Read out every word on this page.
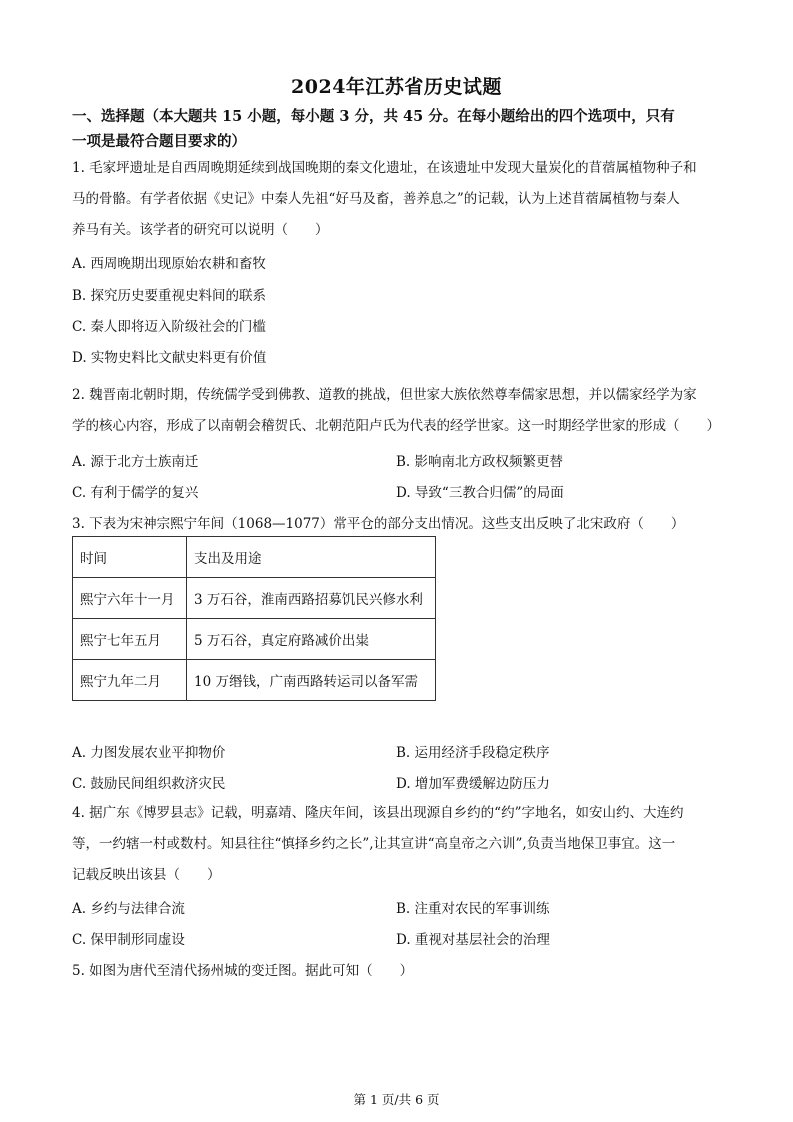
2024年江苏省历史试题
一、选择题（本大题共 15 小题，每小题 3 分，共 45 分。在每小题给出的四个选项中，只有
一项是最符合题目要求的）
1. 毛家坪遗址是自西周晚期延续到战国晚期的秦文化遗址，在该遗址中发现大量炭化的苜蓿属植物种子和
马的骨骼。有学者依据《史记》中秦人先祖“好马及畜，善养息之”的记载，认为上述苜蓿属植物与秦人
养马有关。该学者的研究可以说明（　　）
A. 西周晚期出现原始农耕和畜牧
B. 探究历史要重视史料间的联系
C. 秦人即将迈入阶级社会的门槛
D. 实物史料比文献史料更有价值
2. 魏晋南北朝时期，传统儒学受到佛教、道教的挑战，但世家大族依然尊奉儒家思想，并以儒家经学为家
学的核心内容，形成了以南朝会稽贺氏、北朝范阳卢氏为代表的经学世家。这一时期经学世家的形成（　　）
A. 源于北方士族南迁	B. 影响南北方政权频繁更替
C. 有利于儒学的复兴	D. 导致“三教合归儒”的局面
3. 下表为宋神宗熙宁年间（1068—1077）常平仓的部分支出情况。这些支出反映了北宋政府（　　）
时间	支出及用途
熙宁六年十一月	3 万石谷，淮南西路招募饥民兴修水利
熙宁七年五月	5 万石谷，真定府路减价出粜
熙宁九年二月	10 万缗钱，广南西路转运司以备军需
A. 力图发展农业平抑物价	B. 运用经济手段稳定秩序
C. 鼓励民间组织救济灾民	D. 增加军费缓解边防压力
4. 据广东《博罗县志》记载，明嘉靖、隆庆年间，该县出现源自乡约的“约”字地名，如安山约、大连约
等，一约辖一村或数村。知县往往“慎择乡约之长”,让其宣讲“高皇帝之六训”,负责当地保卫事宜。这一
记载反映出该县（　　）
A. 乡约与法律合流	B. 注重对农民的军事训练
C. 保甲制形同虚设	D. 重视对基层社会的治理
5. 如图为唐代至清代扬州城的变迁图。据此可知（　　）
第 1 页/共 6 页
